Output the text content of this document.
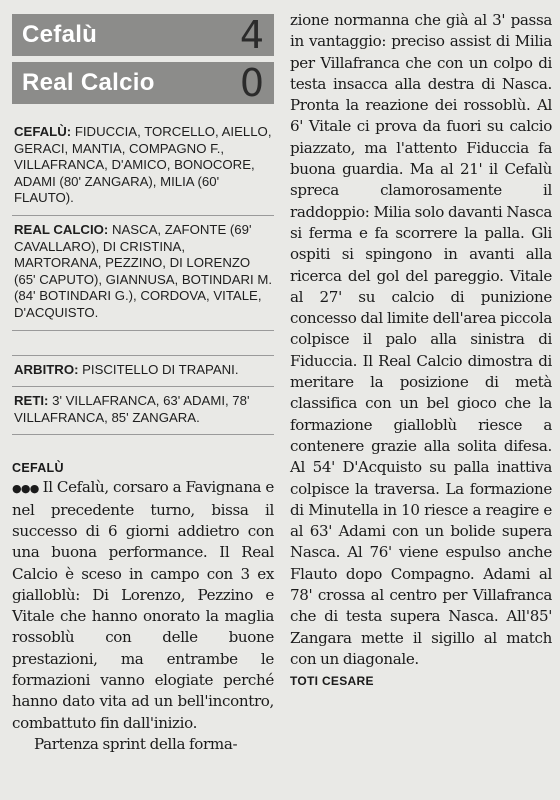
Cefalù	4
Real Calcio 0
CEFALÙ: FIDUCCIA, TORCELLO, AIELLO, GERACI, MANTIA, COMPAGNO F., VILLAFRANCA, D'AMICO, BONOCORE, ADAMI (80' ZANGARA), MILIA (60' FLAUTO).
REAL CALCIO: NASCA, ZAFONTE (69' CAVALLARO), DI CRISTINA, MARTORANA, PEZZINO, DI LORENZO (65' CAPUTO), GIANNUSA, BOTINDARI M. (84' BOTINDARI G.), CORDOVA, VITALE, D'ACQUISTO.
ARBITRO: PISCITELLO DI TRAPANI.
RETI: 3' VILLAFRANCA, 63' ADAMI, 78' VILLAFRANCA, 85' ZANGARA.
CEFALÙ
●●● Il Cefalù, corsaro a Favignana e nel precedente turno, bissa il successo di 6 giorni addietro con una buona performance. Il Real Calcio è sceso in campo con 3 ex gialloblù: Di Lorenzo, Pezzino e Vitale che hanno onorato la maglia rossoblù con delle buone prestazioni, ma entrambe le formazioni vanno elogiate perché hanno dato vita ad un bell'incontro, combattuto fin dall'inizio.
Partenza sprint della forma-
zione normanna che già al 3' passa in vantaggio: preciso assist di Milia per Villafranca che con un colpo di testa insacca alla destra di Nasca. Pronta la reazione dei rossoblù. Al 6' Vitale ci prova da fuori su calcio piazzato, ma l'attento Fiduccia fa buona guardia. Ma al 21' il Cefalù spreca clamorosamente il raddoppio: Milia solo davanti Nasca si ferma e fa scorrere la palla. Gli ospiti si spingono in avanti alla ricerca del gol del pareggio. Vitale al 27' su calcio di punizione concesso dal limite dell'area piccola colpisce il palo alla sinistra di Fiduccia. Il Real Calcio dimostra di meritare la posizione di metà classifica con un bel gioco che la formazione gialloblù riesce a contenere grazie alla solita difesa. Al 54' D'Acquisto su palla inattiva colpisce la traversa. La formazione di Minutella in 10 riesce a reagire e al 63' Adami con un bolide supera Nasca. Al 76' viene espulso anche Flauto dopo Compagno. Adami al 78' crossa al centro per Villafranca che di testa supera Nasca. All'85' Zangara mette il sigillo al match con un diagonale.
TOTI CESARE
